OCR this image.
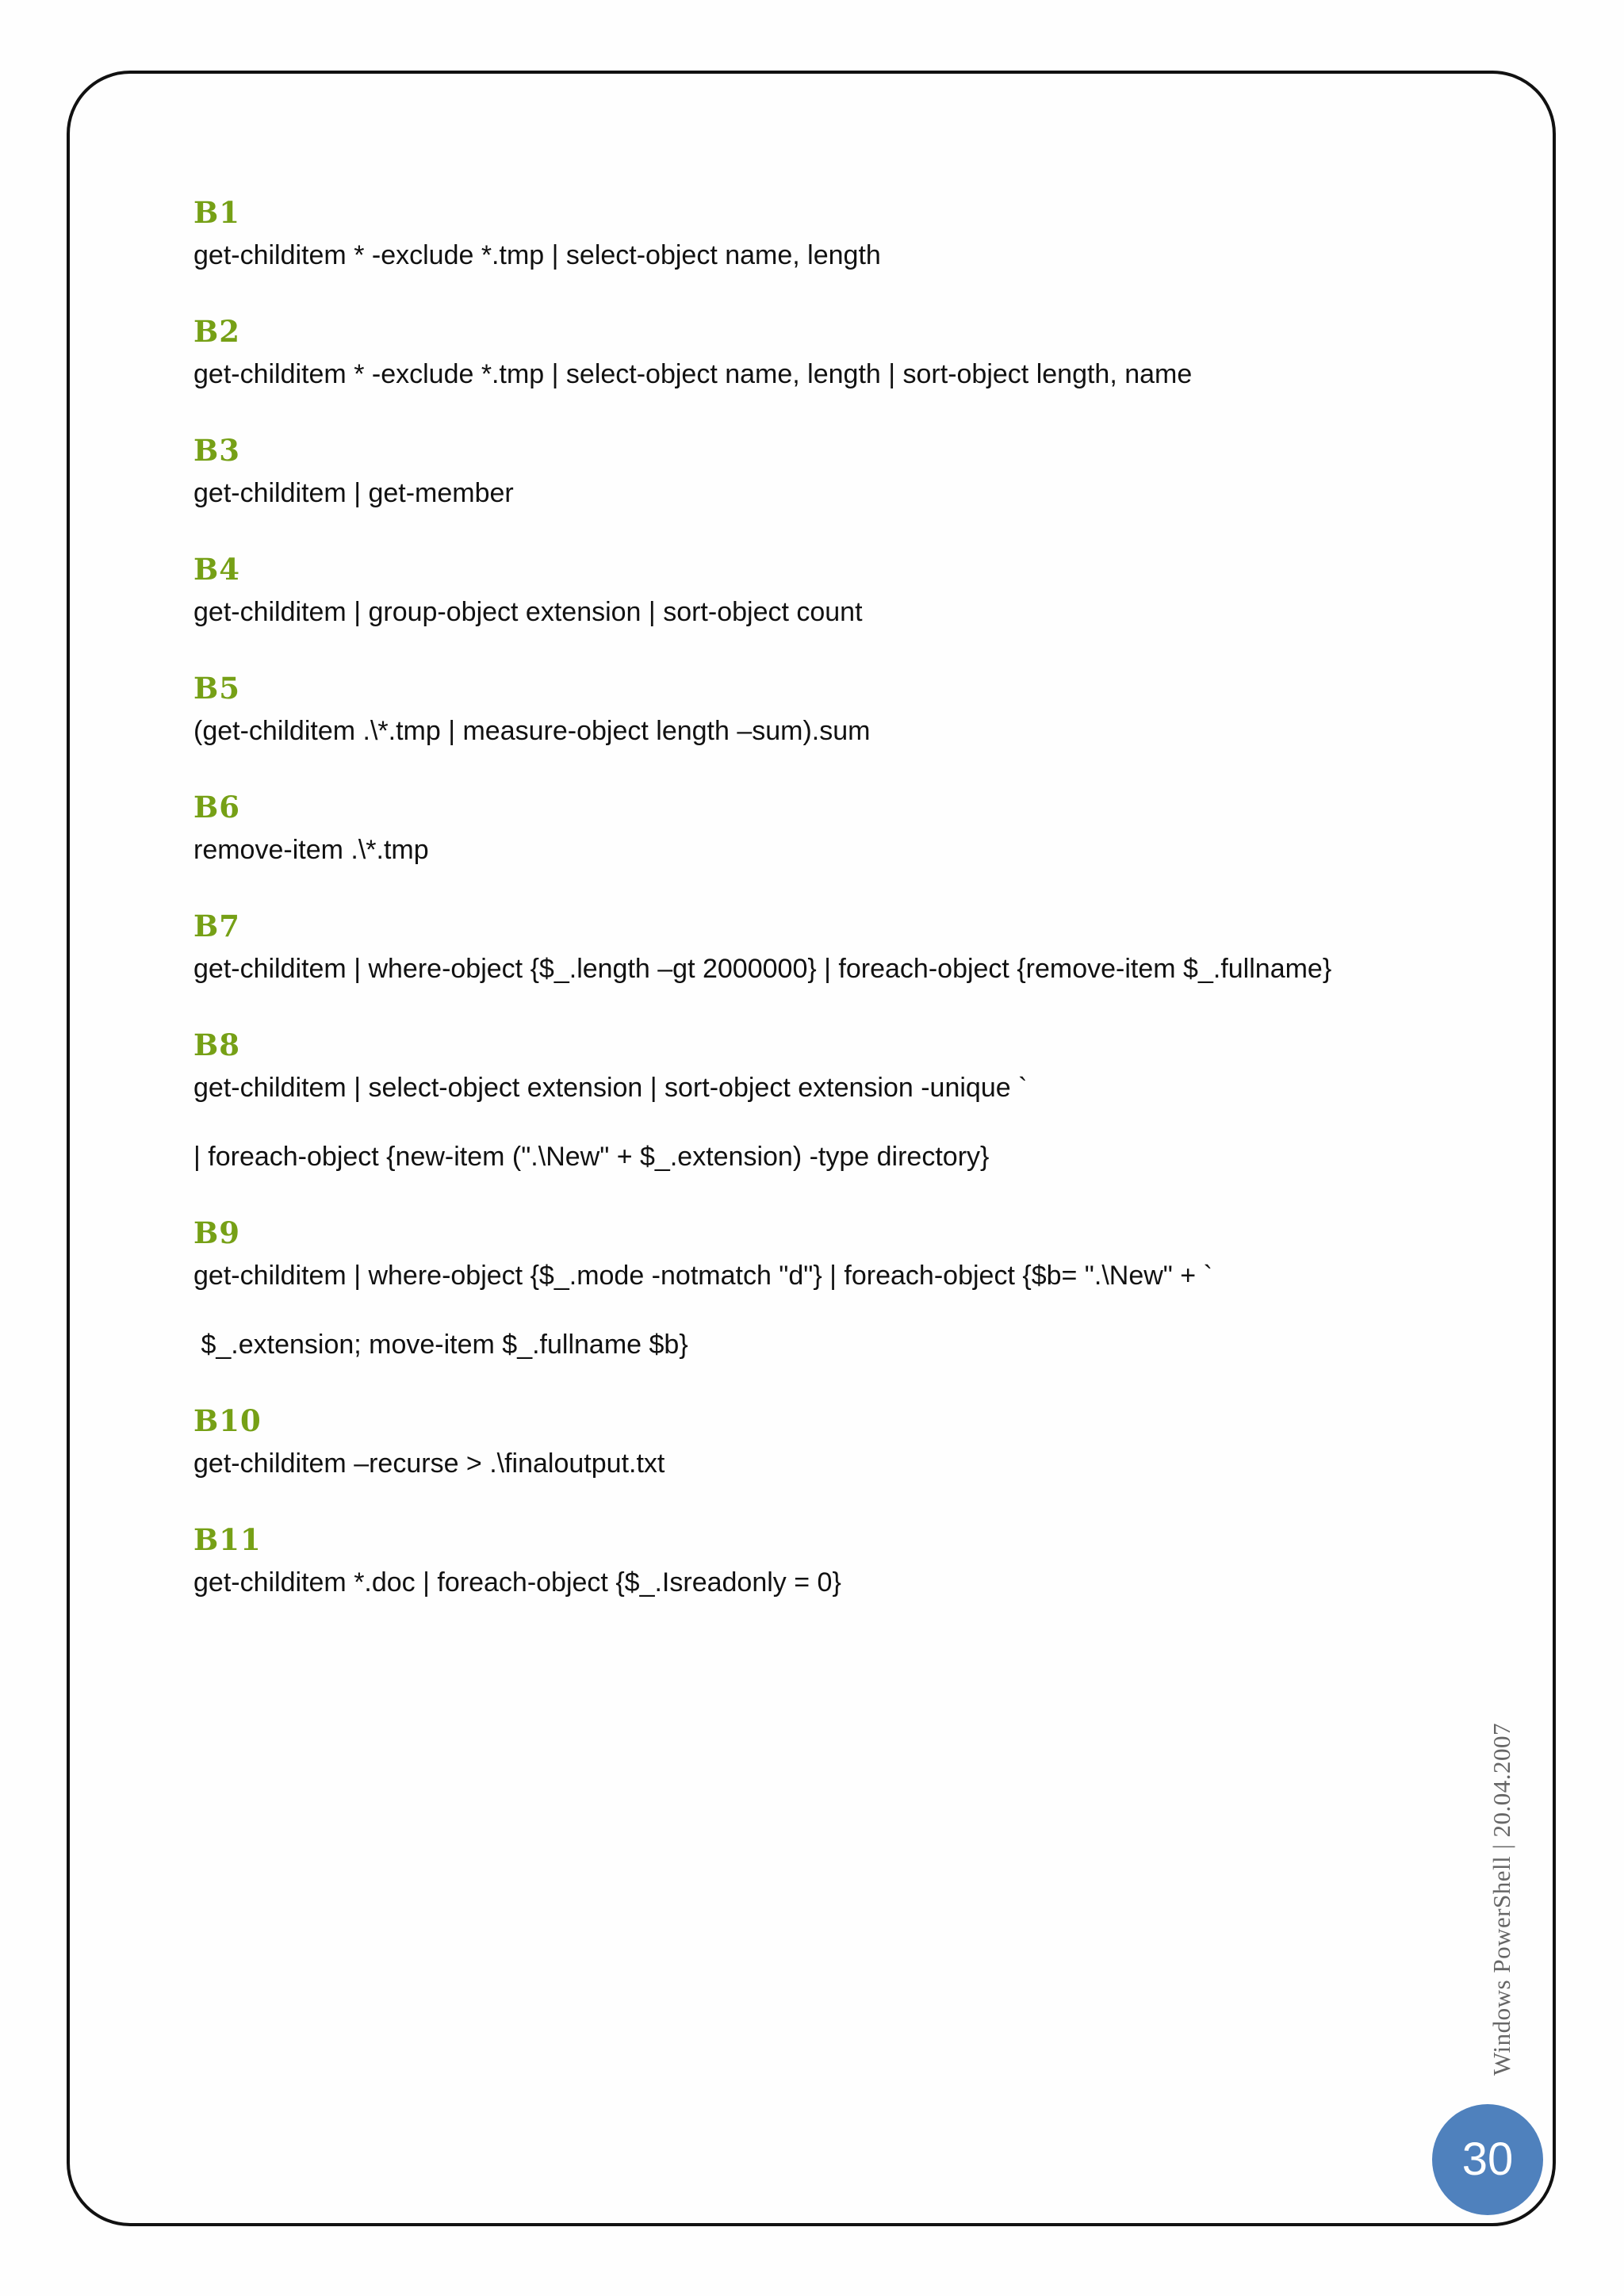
B1
get-childitem * -exclude *.tmp | select-object name, length
B2
get-childitem * -exclude *.tmp | select-object name, length | sort-object length, name
B3
get-childitem | get-member
B4
get-childitem | group-object extension | sort-object count
B5
(get-childitem .\*.tmp | measure-object length –sum).sum
B6
remove-item .\*.tmp
B7
get-childitem | where-object {$_.length –gt 2000000} | foreach-object {remove-item $_.fullname}
B8
get-childitem | select-object extension | sort-object extension -unique `
| foreach-object {new-item (".\New" + $_.extension) -type directory}
B9
get-childitem | where-object {$_.mode -notmatch "d"} | foreach-object {$b= ".\New" + `
$_.extension; move-item $_.fullname $b}
B10
get-childitem –recurse > .\finaloutput.txt
B11
get-childitem *.doc | foreach-object {$_.Isreadonly = 0}
Windows PowerShell | 20.04.2007
30
